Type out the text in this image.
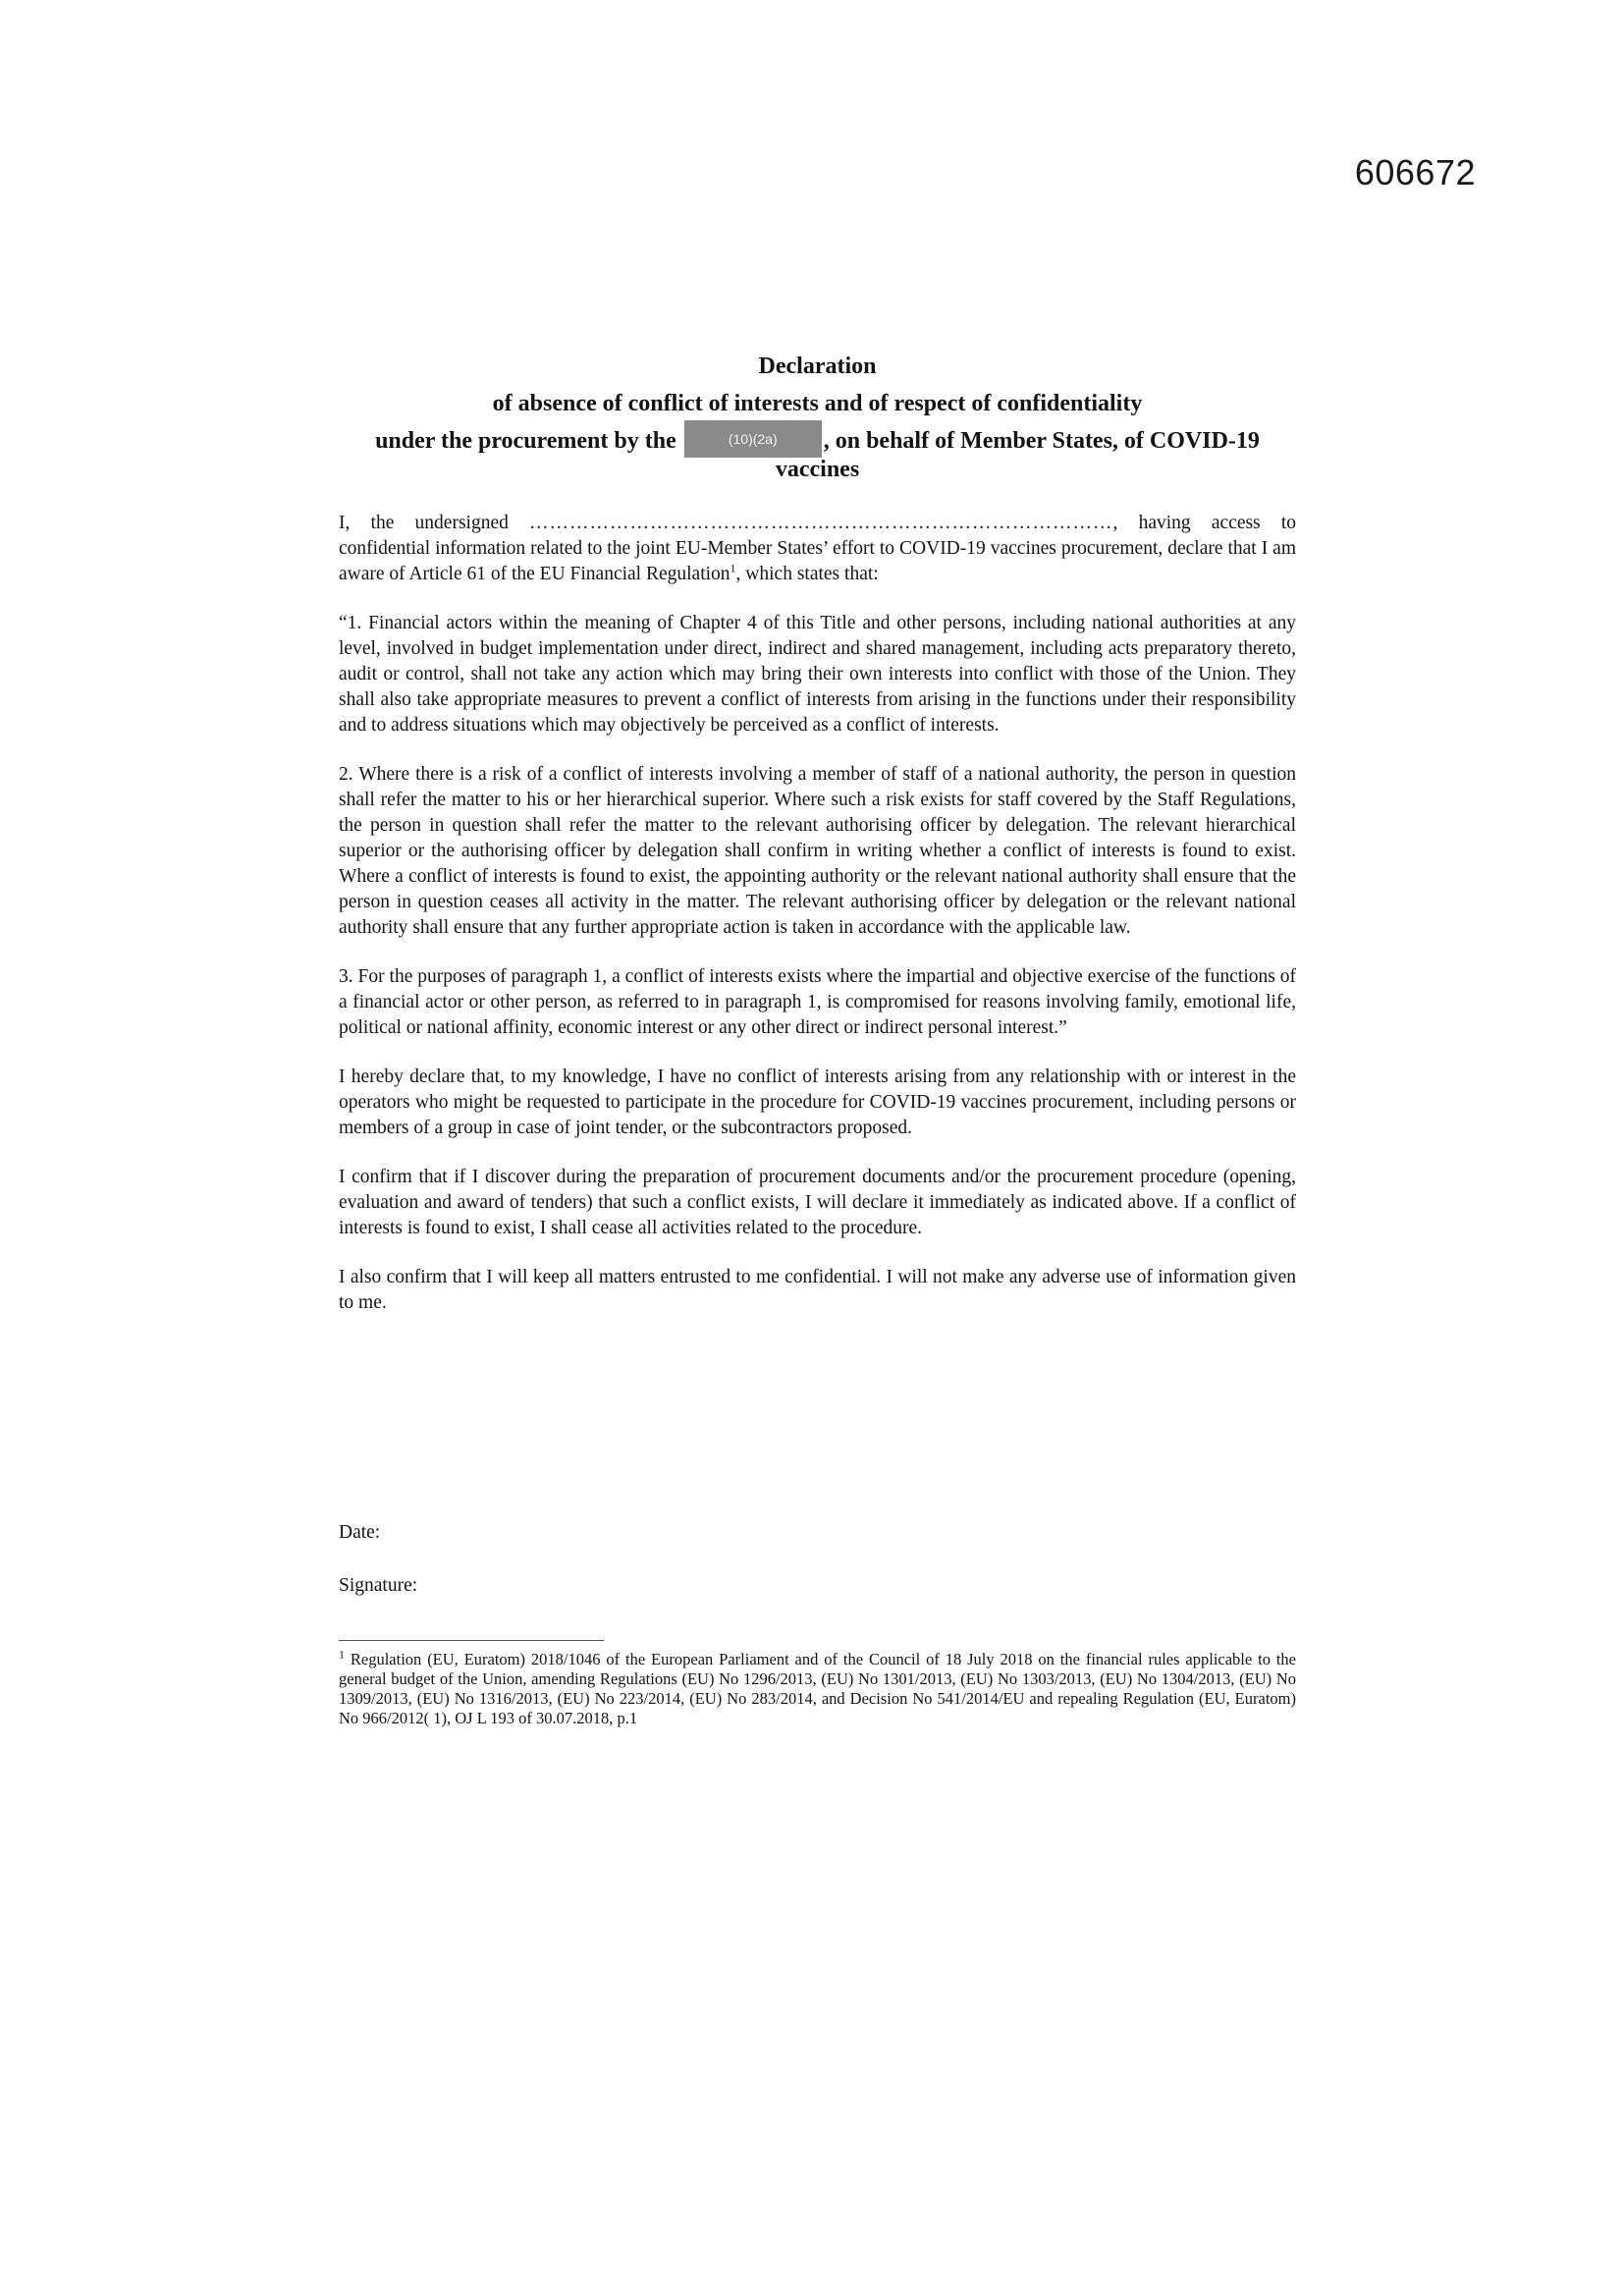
606672
Declaration
of absence of conflict of interests and of respect of confidentiality
under the procurement by the	(10)(2a) , on behalf of Member States, of COVID-19
vaccines

I, the undersigned ……………………………………………………………………………, having access to confidential information related to the joint EU-Member States’ effort to COVID-19 vaccines procurement, declare that I am aware of Article 61 of the EU Financial Regulation$^1$, which states that:

“1. Financial actors within the meaning of Chapter 4 of this Title and other persons, including national authorities at any level, involved in budget implementation under direct, indirect and shared management, including acts preparatory thereto, audit or control, shall not take any action which may bring their own interests into conflict with those of the Union. They shall also take appropriate measures to prevent a conflict of interests from arising in the functions under their responsibility and to address situations which may objectively be perceived as a conflict of interests.

2. Where there is a risk of a conflict of interests involving a member of staff of a national authority, the person in question shall refer the matter to his or her hierarchical superior. Where such a risk exists for staff covered by the Staff Regulations, the person in question shall refer the matter to the relevant authorising officer by delegation. The relevant hierarchical superior or the authorising officer by delegation shall confirm in writing whether a conflict of interests is found to exist. Where a conflict of interests is found to exist, the appointing authority or the relevant national authority shall ensure that the person in question ceases all activity in the matter. The relevant authorising officer by delegation or the relevant national authority shall ensure that any further appropriate action is taken in accordance with the applicable law.

3. For the purposes of paragraph 1, a conflict of interests exists where the impartial and objective exercise of the functions of a financial actor or other person, as referred to in paragraph 1, is compromised for reasons involving family, emotional life, political or national affinity, economic interest or any other direct or indirect personal interest.”

I hereby declare that, to my knowledge, I have no conflict of interests arising from any relationship with or interest in the operators who might be requested to participate in the procedure for COVID-19 vaccines procurement, including persons or members of a group in case of joint tender, or the subcontractors proposed.

I confirm that if I discover during the preparation of procurement documents and/or the procurement procedure (opening, evaluation and award of tenders) that such a conflict exists, I will declare it immediately as indicated above. If a conflict of interests is found to exist, I shall cease all activities related to the procedure.

I also confirm that I will keep all matters entrusted to me confidential. I will not make any adverse use of information given to me.

Date:
Signature:
$^1$ Regulation (EU, Euratom) 2018/1046 of the European Parliament and of the Council of 18 July 2018 on the financial rules applicable to the general budget of the Union, amending Regulations (EU) No 1296/2013, (EU) No 1301/2013, (EU) No 1303/2013, (EU) No 1304/2013, (EU) No 1309/2013, (EU) No 1316/2013, (EU) No 223/2014, (EU) No 283/2014, and Decision No 541/2014/EU and repealing Regulation (EU, Euratom) No 966/2012( 1), OJ L 193 of 30.07.2018, p.1
